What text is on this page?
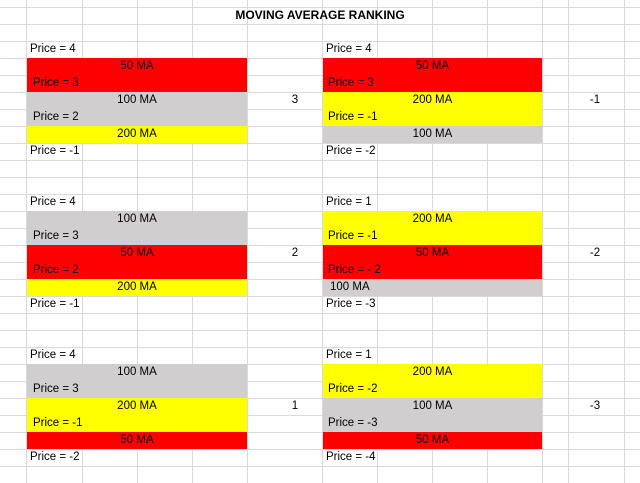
MOVING AVERAGE RANKING
Price = 4
50 MA
Price = 3
100 MA
Price = 2
200 MA
Price = -1
3
Price = 4
50 MA
Price = 3
200 MA
Price = -1
100 MA
Price = -2
-1
Price = 4
100 MA
Price = 3
50 MA
Price = 2
200 MA
Price = -1
2
Price = 1
200 MA
Price = -1
50 MA
Price = - 2
100 MA
Price = -3
-2
Price = 4
100 MA
Price = 3
200 MA
Price = -1
50 MA
Price = -2
1
Price = 1
200 MA
Price = -2
100 MA
Price = -3
50 MA
Price = -4
-3
